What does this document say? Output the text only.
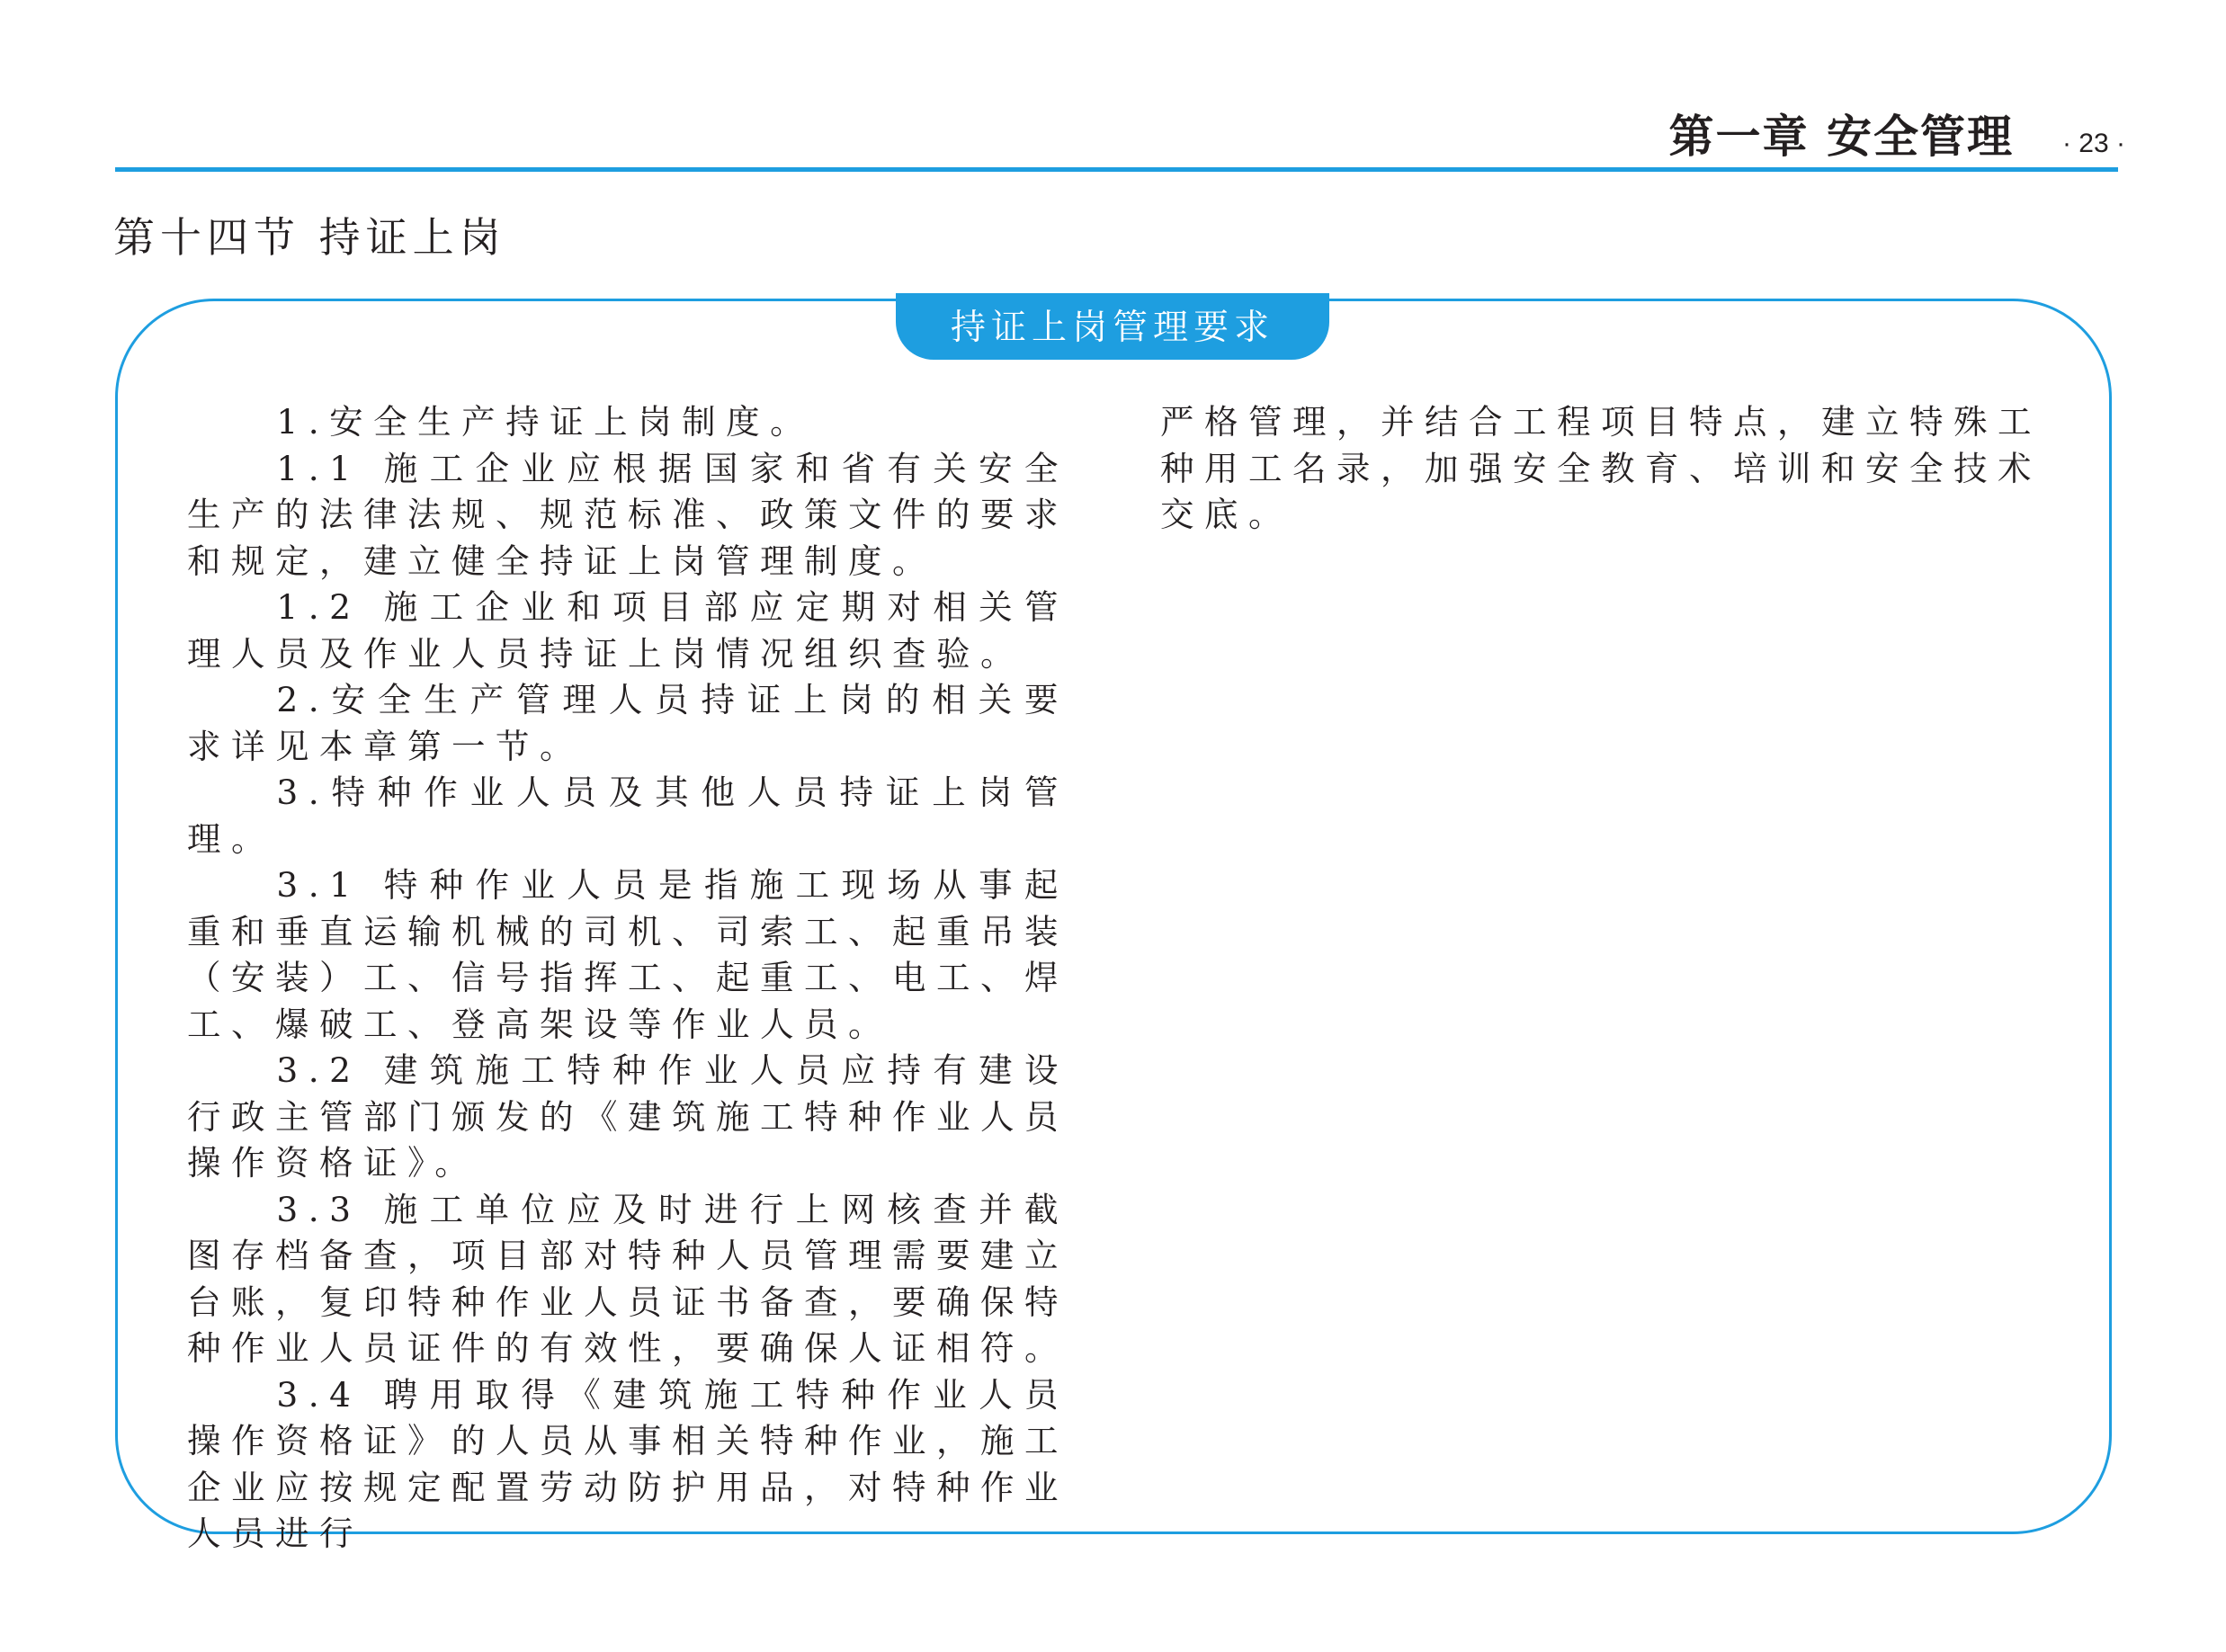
第一章 安全管理 · 23 ·
第十四节 持证上岗
持证上岗管理要求

1.安全生产持证上岗制度。

1.1 施工企业应根据国家和省有关安全生产的法律法规、规范标准、政策文件的要求和规定，建立健全持证上岗管理制度。

1.2 施工企业和项目部应定期对相关管理人员及作业人员持证上岗情况组织查验。

2.安全生产管理人员持证上岗的相关要求详见本章第一节。

3.特种作业人员及其他人员持证上岗管理。

3.1 特种作业人员是指施工现场从事起重和垂直运输机械的司机、司索工、起重吊装（安装）工、信号指挥工、起重工、电工、焊工、爆破工、登高架设等作业人员。

3.2 建筑施工特种作业人员应持有建设行政主管部门颁发的《建筑施工特种作业人员操作资格证》。

3.3 施工单位应及时进行上网核查并截图存档备查，项目部对特种人员管理需要建立台账，复印特种作业人员证书备查，要确保特种作业人员证件的有效性，要确保人证相符。

3.4 聘用取得《建筑施工特种作业人员操作资格证》的人员从事相关特种作业，施工企业应按规定配置劳动防护用品，对特种作业人员进行

严格管理，并结合工程项目特点，建立特殊工种用工名录，加强安全教育、培训和安全技术交底。
